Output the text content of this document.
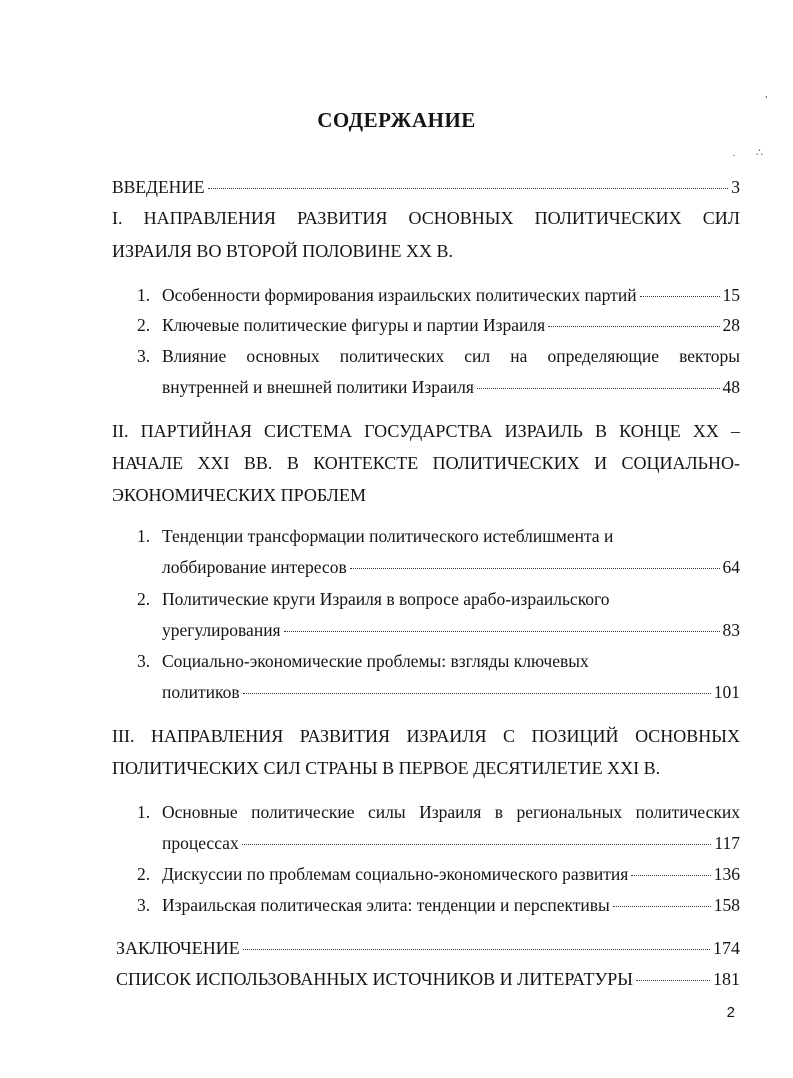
СОДЕРЖАНИЕ
ВВЕДЕНИЕ	3
I. НАПРАВЛЕНИЯ РАЗВИТИЯ ОСНОВНЫХ ПОЛИТИЧЕСКИХ СИЛ
ИЗРАИЛЯ ВО ВТОРОЙ ПОЛОВИНЕ XX В.
1. Особенности формирования израильских политических партий	15
2. Ключевые политические фигуры и партии Израиля	28
3. Влияние основных политических сил на определяющие векторы
внутренней и внешней политики Израиля	48
II. ПАРТИЙНАЯ СИСТЕМА ГОСУДАРСТВА ИЗРАИЛЬ В КОНЦЕ XX –
НАЧАЛЕ XXI ВВ. В КОНТЕКСТЕ ПОЛИТИЧЕСКИХ И СОЦИАЛЬНО-
ЭКОНОМИЧЕСКИХ ПРОБЛЕМ
1. Тенденции трансформации политического истеблишмента и
лоббирование интересов	64
2. Политические круги Израиля в вопросе арабо-израильского
урегулирования	83
3. Социально-экономические проблемы: взгляды ключевых
политиков	101
III. НАПРАВЛЕНИЯ РАЗВИТИЯ ИЗРАИЛЯ С ПОЗИЦИЙ ОСНОВНЫХ
ПОЛИТИЧЕСКИХ СИЛ СТРАНЫ В ПЕРВОЕ ДЕСЯТИЛЕТИЕ XXI В.
1. Основные политические силы Израиля в региональных политических
процессах	117
2. Дискуссии по проблемам социально-экономического развития	136
3. Израильская политическая элита: тенденции и перспективы	158
ЗАКЛЮЧЕНИЕ	174
СПИСОК ИСПОЛЬЗОВАННЫХ ИСТОЧНИКОВ И ЛИТЕРАТУРЫ	181
2
,
· ∴
